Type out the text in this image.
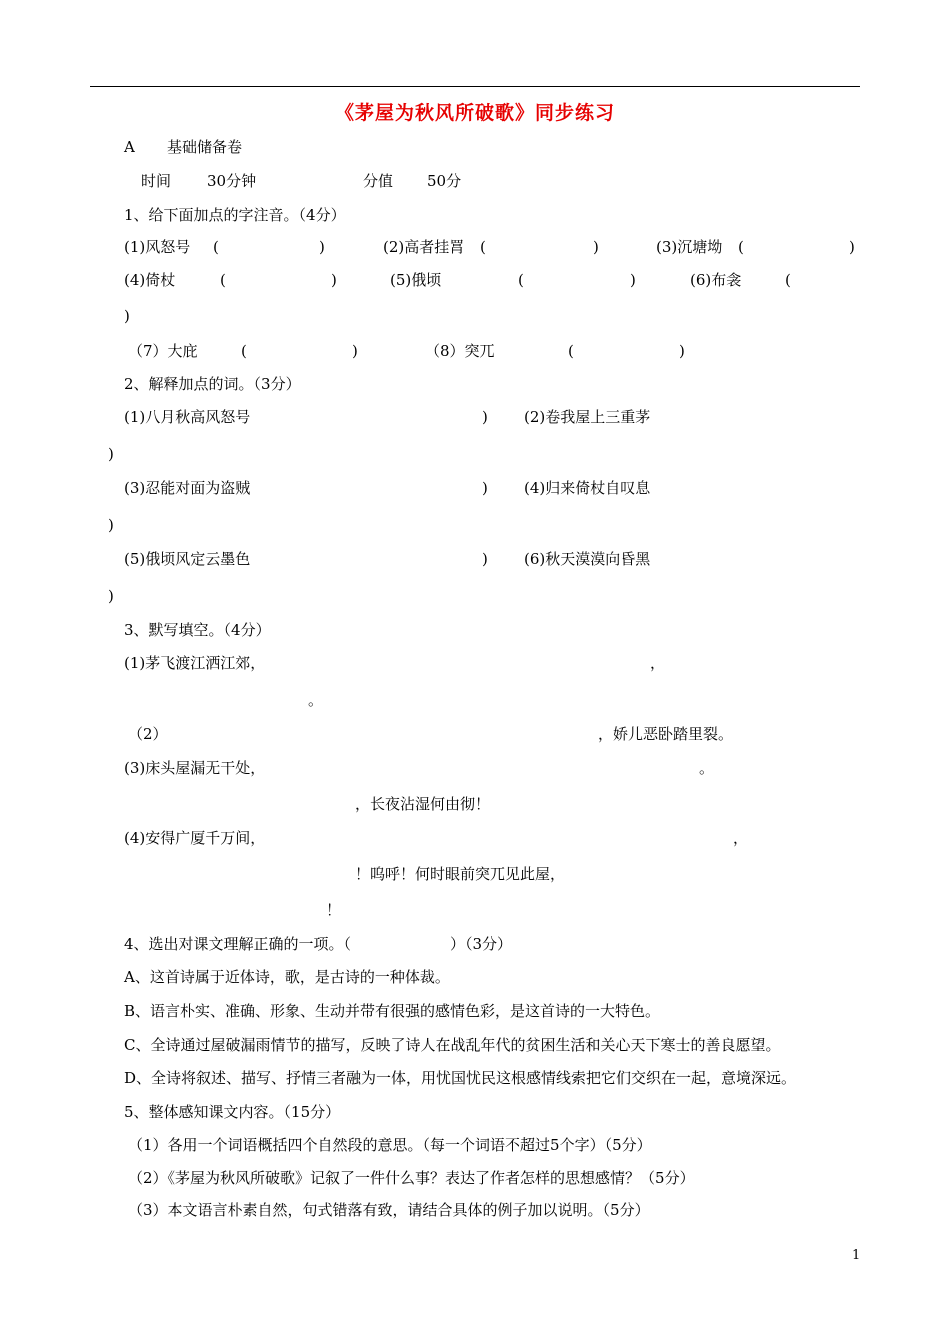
《茅屋为秋风所破歌》同步练习
A 基础储备卷
时间 30分钟	分值 50分
1、给下面加点的字注音。（4分）
(1)风怒号 (	)	(2)高者挂罥 (	)	(3)沉塘坳 (	)
(4)倚杖	(	)	(5)俄顷	(	)	(6)布衾	(
)
（7）大庇	(	)	（8）突兀	(	)
2、解释加点的词。（3分）
(1)八月秋高风怒号	) (2)卷我屋上三重茅
)
(3)忍能对面为盗贼	) (4)归来倚杖自叹息
)
(5)俄顷风定云墨色	) (6)秋天漠漠向昏黑
)
3、默写填空。（4分）
(1)茅飞渡江洒江郊，	，
。
（2）	，娇儿恶卧踏里裂。
(3)床头屋漏无干处，	。
，长夜沾湿何由彻！
(4)安得广厦千万间，	，
！呜呼！何时眼前突兀见此屋，
！
4、选出对课文理解正确的一项。（	）（3分）
A、这首诗属于近体诗，歌，是古诗的一种体裁。
B、语言朴实、准确、形象、生动并带有很强的感情色彩，是这首诗的一大特色。
C、全诗通过屋破漏雨情节的描写，反映了诗人在战乱年代的贫困生活和关心天下寒士的善良愿望。
D、全诗将叙述、描写、抒情三者融为一体，用忧国忧民这根感情线索把它们交织在一起，意境深远。
5、整体感知课文内容。（15分）
（1）各用一个词语概括四个自然段的意思。（每一个词语不超过5个字）（5分）
（2）《茅屋为秋风所破歌》记叙了一件什么事？表达了作者怎样的思想感情？（5分）
（3）本文语言朴素自然，句式错落有致，请结合具体的例子加以说明。（5分）
1
